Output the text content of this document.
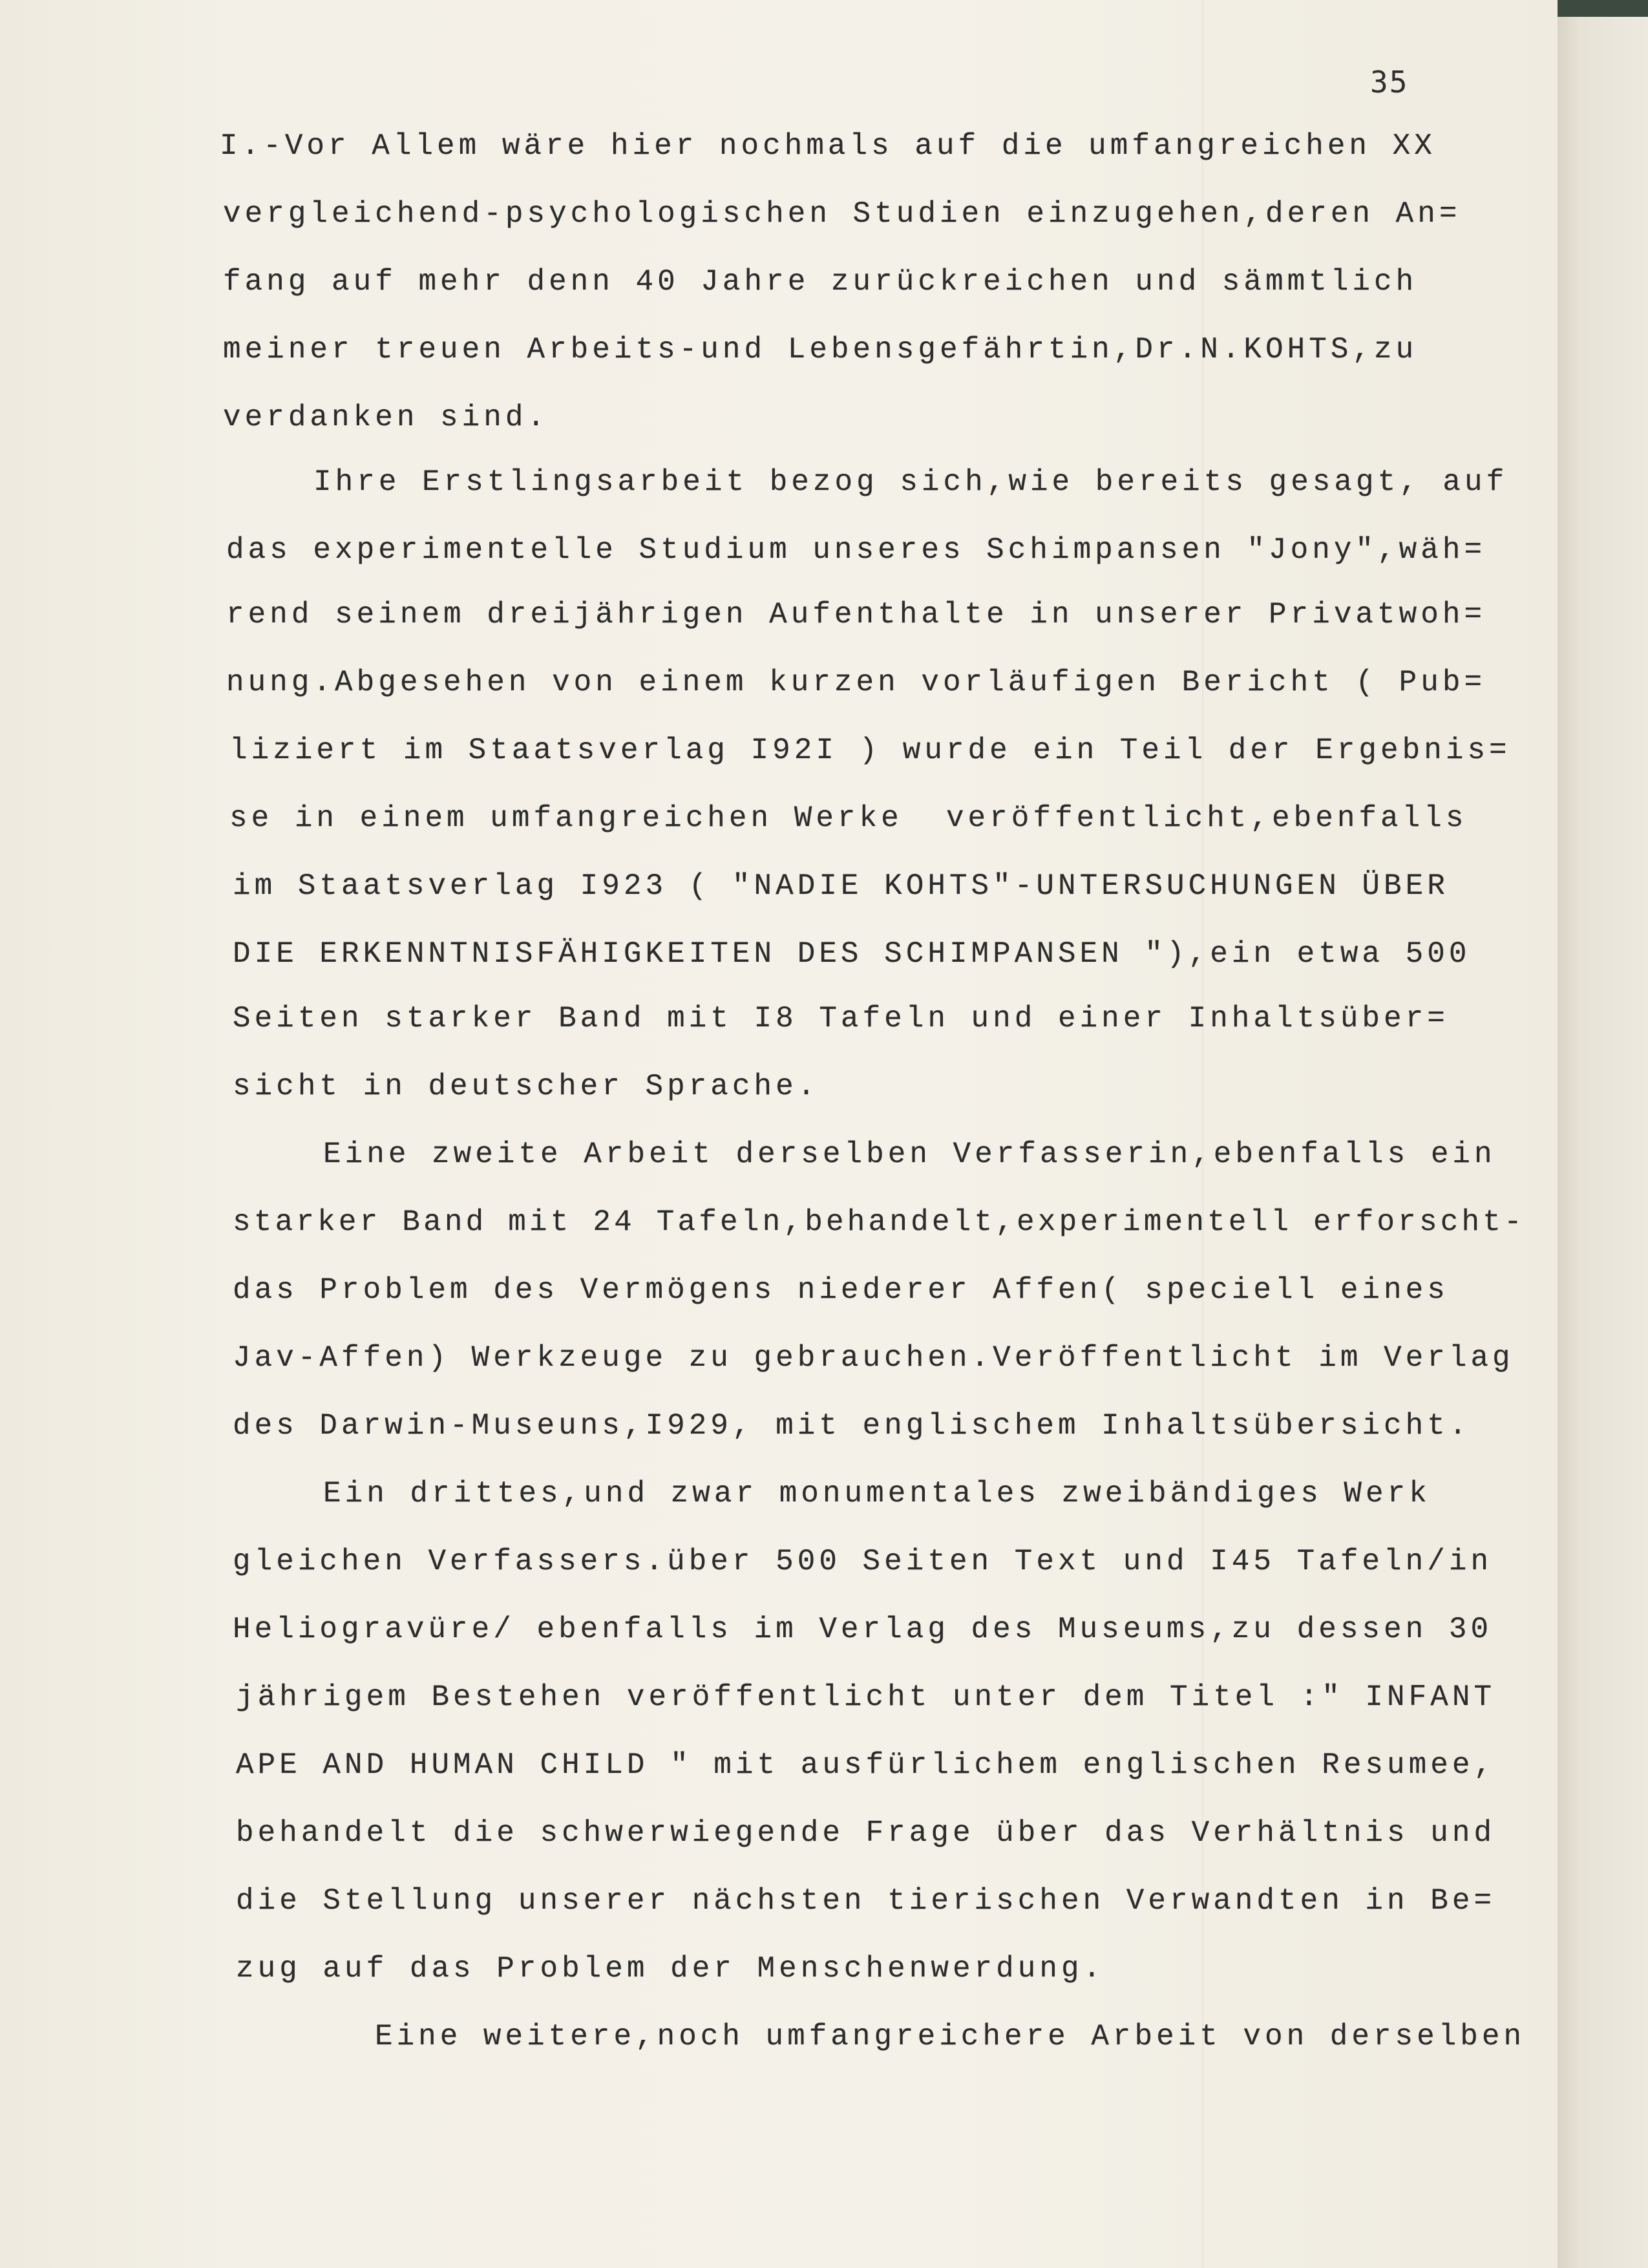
35
I.-Vor Allem wäre hier nochmals auf die umfangreichen XX
vergleichend-psychologischen Studien einzugehen,deren An=
fang auf mehr denn 40 Jahre zurückreichen und sämmtlich
meiner treuen Arbeits-und Lebensgefährtin,Dr.N.KOHTS,zu
verdanken sind.
Ihre Erstlingsarbeit bezog sich,wie bereits gesagt, auf
das experimentelle Studium unseres Schimpansen "Jony",wäh=
rend seinem dreijährigen Aufenthalte in unserer Privatwoh=
nung.Abgesehen von einem kurzen vorläufigen Bericht ( Pub=
liziert im Staatsverlag I92I ) wurde ein Teil der Ergebnis=
se in einem umfangreichen Werke  veröffentlicht,ebenfalls
im Staatsverlag I923 ( "NADIE KOHTS"-UNTERSUCHUNGEN ÜBER
DIE ERKENNTNISFÄHIGKEITEN DES SCHIMPANSEN "),ein etwa 500
Seiten starker Band mit I8 Tafeln und einer Inhaltsüber=
sicht in deutscher Sprache.
Eine zweite Arbeit derselben Verfasserin,ebenfalls ein
starker Band mit 24 Tafeln,behandelt,experimentell erforscht-
das Problem des Vermögens niederer Affen( speciell eines
Jav-Affen) Werkzeuge zu gebrauchen.Veröffentlicht im Verlag
des Darwin-Museuns,I929, mit englischem Inhaltsübersicht.
Ein drittes,und zwar monumentales zweibändiges Werk
gleichen Verfassers.über 500 Seiten Text und I45 Tafeln/in
Heliogravüre/ ebenfalls im Verlag des Museums,zu dessen 30
jährigem Bestehen veröffentlicht unter dem Titel :" INFANT
APE AND HUMAN CHILD " mit ausfürlichem englischen Resumee,
behandelt die schwerwiegende Frage über das Verhältnis und
die Stellung unserer nächsten tierischen Verwandten in Be=
zug auf das Problem der Menschenwerdung.
Eine weitere,noch umfangreichere Arbeit von derselben
